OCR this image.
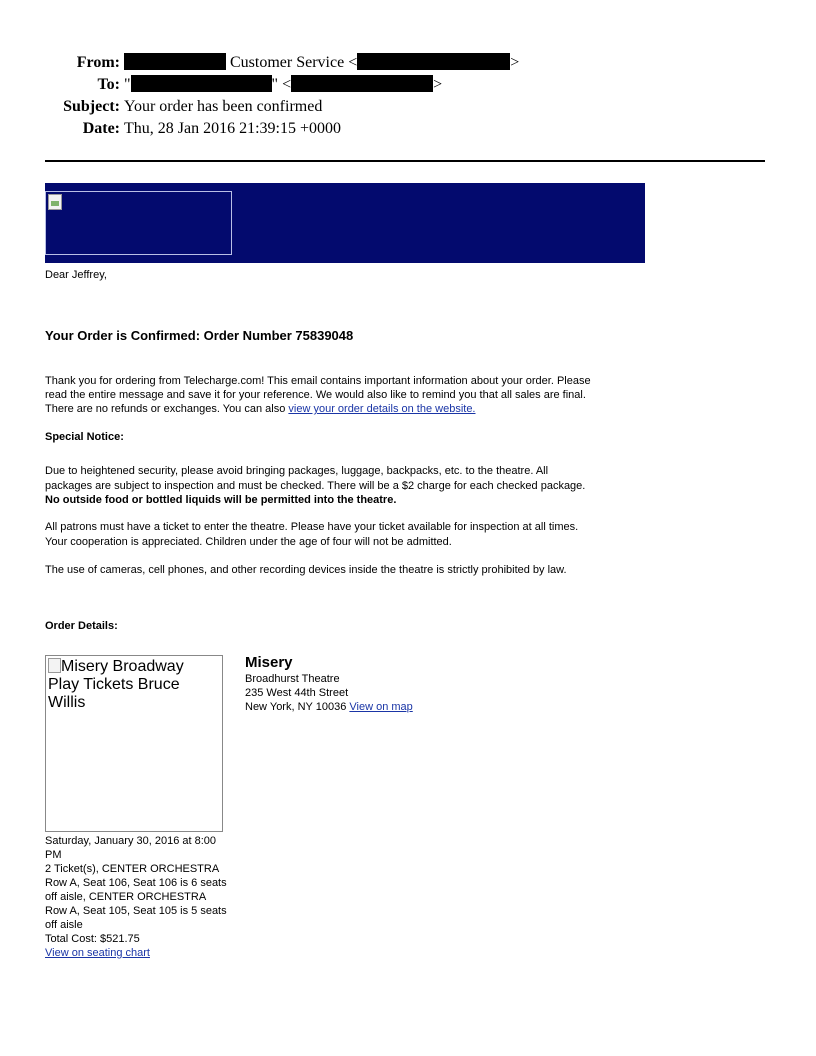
From:	Customer Service <	>
To: "	" <	>
Subject: Your order has been confirmed
Date: Thu, 28 Jan 2016 21:39:15 +0000
Dear Jeffrey,
Your Order is Confirmed: Order Number 75839048
Thank you for ordering from Telecharge.com! This email contains important information about your order. Please
read the entire message and save it for your reference. We would also like to remind you that all sales are final.
There are no refunds or exchanges. You can also view your order details on the website.
Special Notice:
Due to heightened security, please avoid bringing packages, luggage, backpacks, etc. to the theatre. All
packages are subject to inspection and must be checked. There will be a $2 charge for each checked package.
No outside food or bottled liquids will be permitted into the theatre.
All patrons must have a ticket to enter the theatre. Please have your ticket available for inspection at all times.
Your cooperation is appreciated. Children under the age of four will not be admitted.
The use of cameras, cell phones, and other recording devices inside the theatre is strictly prohibited by law.
Order Details:
Misery Broadway Play Tickets Bruce Willis
Misery
Broadhurst Theatre
235 West 44th Street
New York, NY 10036 View on map
Saturday, January 30, 2016 at 8:00
PM
2 Ticket(s), CENTER ORCHESTRA
Row A, Seat 106, Seat 106 is 6 seats
off aisle, CENTER ORCHESTRA
Row A, Seat 105, Seat 105 is 5 seats
off aisle
Total Cost: $521.75
View on seating chart
